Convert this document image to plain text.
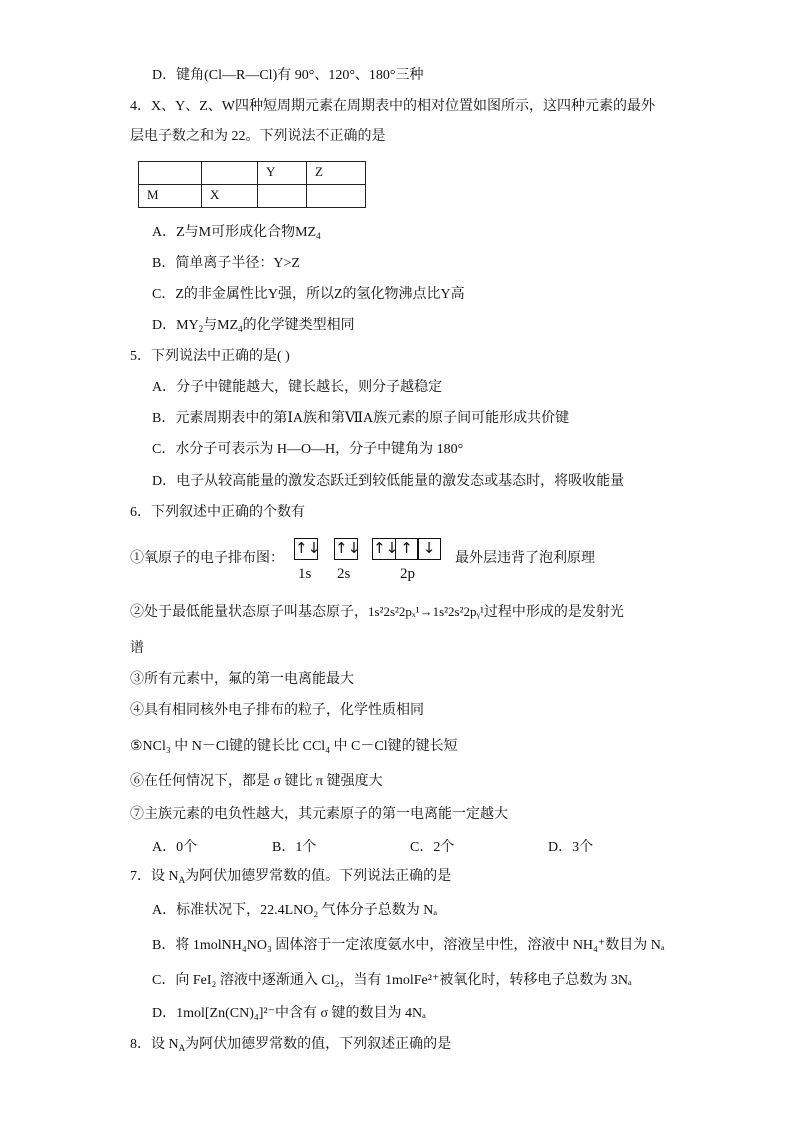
D．键角(Cl—R—Cl)有 90°、120°、180°三种
4．X、Y、Z、W四种短周期元素在周期表中的相对位置如图所示，这四种元素的最外
层电子数之和为 22。下列说法不正确的是
		Y	Z
M	X		
A．Z与M可形成化合物$MZ_4$
B．简单离子半径：Y>Z
C．Z的非金属性比Y强，所以Z的氢化物沸点比Y高
D．$MY_2$与$MZ_4$的化学键类型相同
5．下列说法中正确的是( )
A．分子中键能越大，键长越长，则分子越稳定
B．元素周期表中的第ⅠA族和第ⅦA族元素的原子间可能形成共价键
C．水分子可表示为 H—O—H，分子中键角为 180°
D．电子从较高能量的激发态跃迁到较低能量的激发态或基态时，将吸收能量
6．下列叙述中正确的个数有
①氧原子的电子排布图：
↑↓ ↑↓ ↑↓ ↑ ↓
1s 2s	2p
最外层违背了泡利原理
②处于最低能量状态原子叫基态原子，1s²2s²2pₓ¹→1s²2s²2pᵧ¹过程中形成的是发射光
谱
③所有元素中，氟的第一电离能最大
④具有相同核外电子排布的粒子，化学性质相同
⑤NCl₃ 中 N－Cl键的键长比 CCl₄ 中 C－Cl键的键长短
⑥在任何情况下，都是 σ 键比 π 键强度大
⑦主族元素的电负性越大，其元素原子的第一电离能一定越大
A．0个	B．1个	C．2个	D．3个
7．设 $N_A$为阿伏加德罗常数的值。下列说法正确的是
A．标准状况下，22.4LNO₂ 气体分子总数为 Nₐ
B．将 1molNH₄NO₃ 固体溶于一定浓度氨水中，溶液呈中性，溶液中 NH₄⁺数目为 Nₐ
C．向 FeI₂ 溶液中逐渐通入 Cl₂，当有 1molFe²⁺被氧化时，转移电子总数为 3Nₐ
D．1mol[Zn(CN)₄]²⁻中含有 σ 键的数目为 4Nₐ
8．设 $N_A$为阿伏加德罗常数的值，下列叙述正确的是
